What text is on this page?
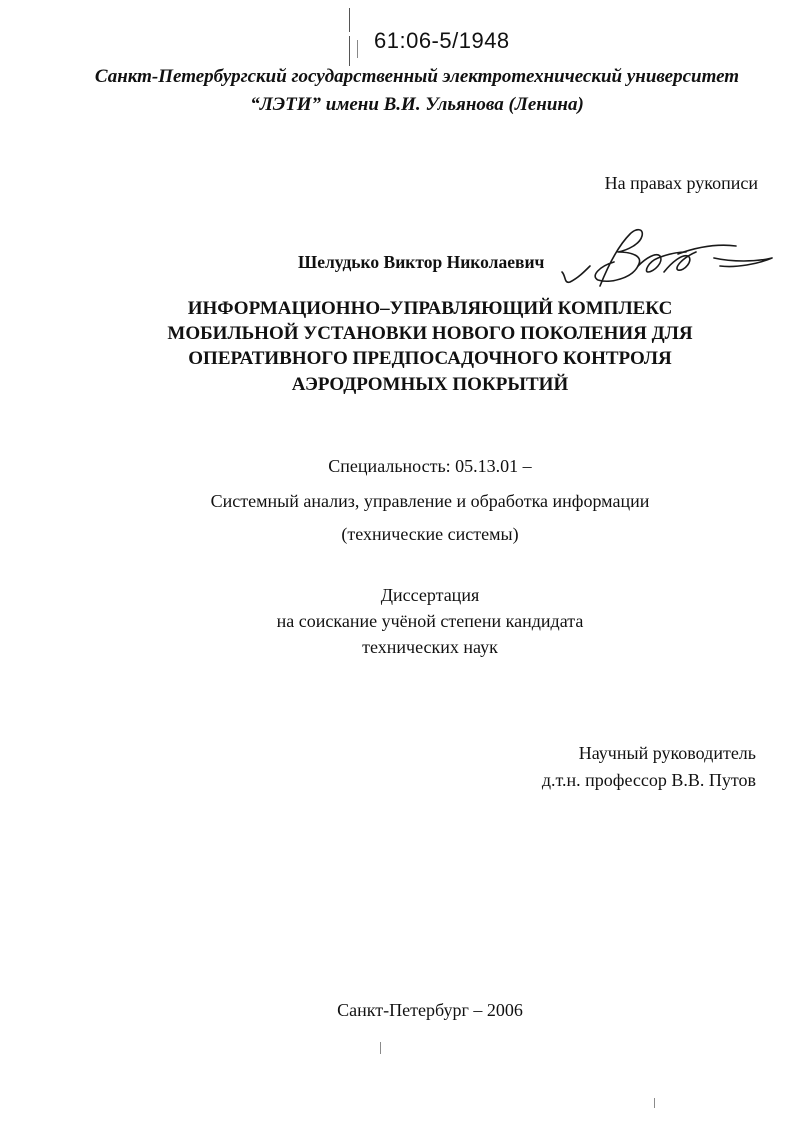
61:06-5/1948
Санкт-Петербургский государственный электротехнический университет
“ЛЭТИ” имени В.И. Ульянова (Ленина)
На правах рукописи
Шелудько Виктор Николаевич
ИНФОРМАЦИОННО–УПРАВЛЯЮЩИЙ КОМПЛЕКС
МОБИЛЬНОЙ УСТАНОВКИ НОВОГО ПОКОЛЕНИЯ ДЛЯ
ОПЕРАТИВНОГО ПРЕДПОСАДОЧНОГО КОНТРОЛЯ
АЭРОДРОМНЫХ ПОКРЫТИЙ
Специальность: 05.13.01 –
Системный анализ, управление и обработка информации
(технические системы)
Диссертация
на соискание учёной степени кандидата
технических наук
Научный руководитель
д.т.н. профессор В.В. Путов
Санкт-Петербург – 2006
